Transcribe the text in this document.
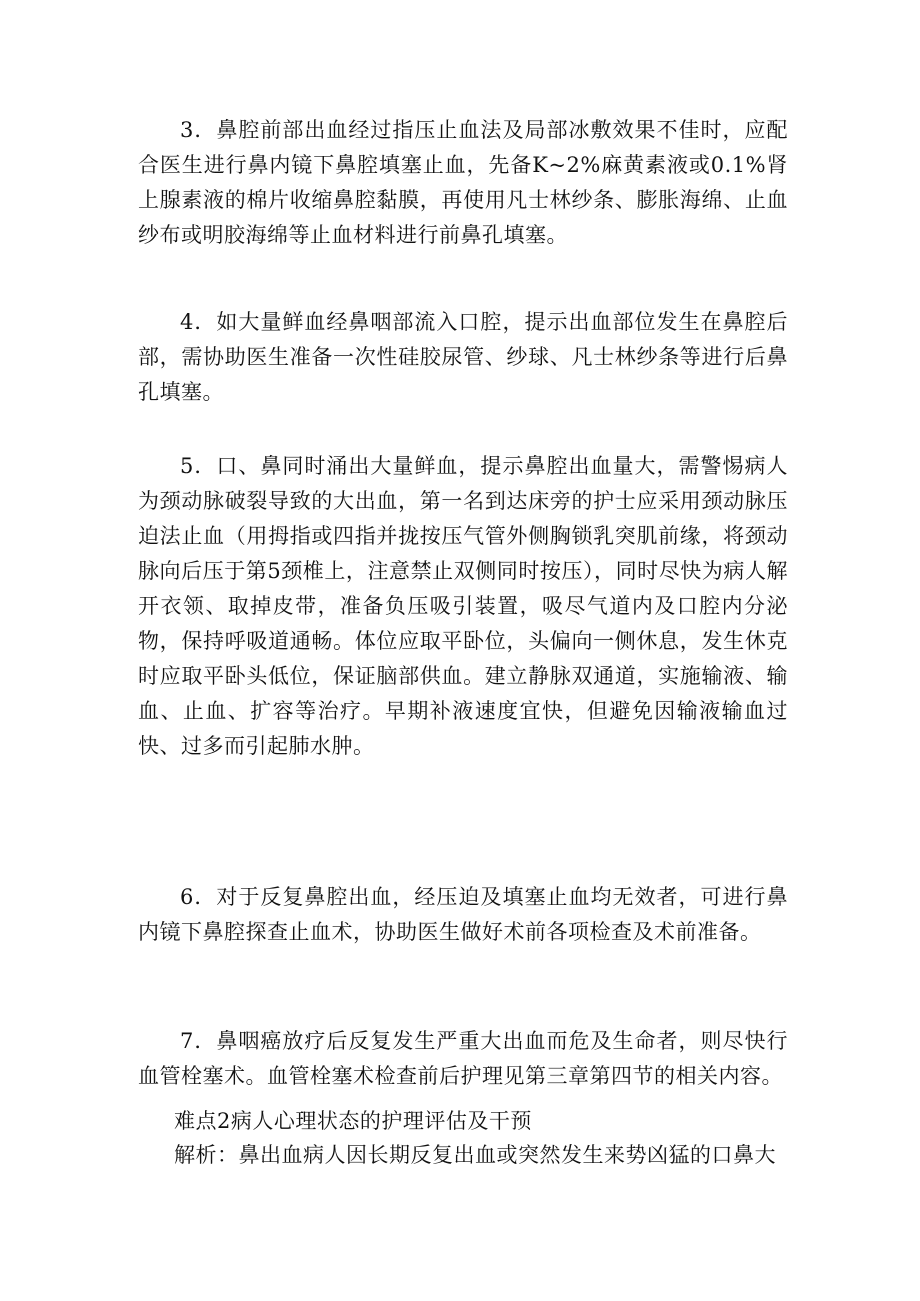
3．鼻腔前部出血经过指压止血法及局部冰敷效果不佳时，应配合医生进行鼻内镜下鼻腔填塞止血，先备K~2%麻黄素液或0.1%肾上腺素液的棉片收缩鼻腔黏膜，再使用凡士林纱条、膨胀海绵、止血纱布或明胶海绵等止血材料进行前鼻孔填塞。

4．如大量鲜血经鼻咽部流入口腔，提示出血部位发生在鼻腔后部，需协助医生准备一次性硅胶尿管、纱球、凡士林纱条等进行后鼻孔填塞。

5．口、鼻同时涌出大量鲜血，提示鼻腔出血量大，需警惕病人为颈动脉破裂导致的大出血，第一名到达床旁的护士应采用颈动脉压迫法止血（用拇指或四指并拢按压气管外侧胸锁乳突肌前缘，将颈动脉向后压于第5颈椎上，注意禁止双侧同时按压），同时尽快为病人解开衣领、取掉皮带，准备负压吸引装置，吸尽气道内及口腔内分泌物，保持呼吸道通畅。体位应取平卧位，头偏向一侧休息，发生休克时应取平卧头低位，保证脑部供血。建立静脉双通道，实施输液、输血、止血、扩容等治疗。早期补液速度宜快，但避免因输液输血过快、过多而引起肺水肿。

6．对于反复鼻腔出血，经压迫及填塞止血均无效者，可进行鼻内镜下鼻腔探查止血术，协助医生做好术前各项检查及术前准备。

7．鼻咽癌放疗后反复发生严重大出血而危及生命者，则尽快行血管栓塞术。血管栓塞术检查前后护理见第三章第四节的相关内容。

难点2病人心理状态的护理评估及干预

解析：鼻出血病人因长期反复出血或突然发生来势凶猛的口鼻大
